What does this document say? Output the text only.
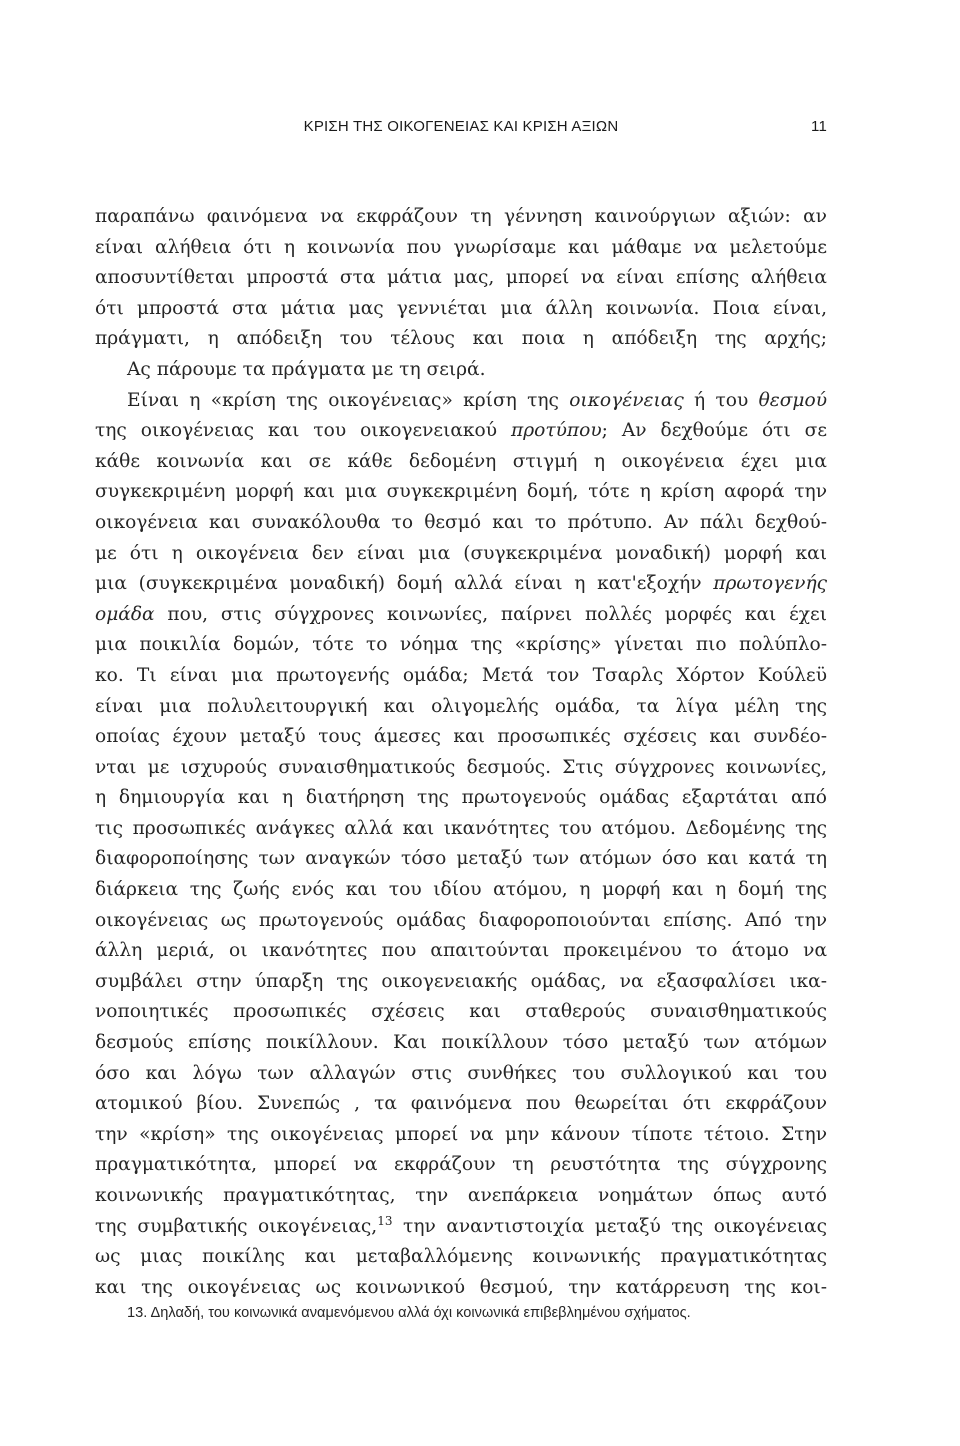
ΚΡΙΣΗ ΤΗΣ ΟΙΚΟΓΕΝΕΙΑΣ ΚΑΙ ΚΡΙΣΗ ΑΞΙΩΝ	11
παραπάνω φαινόμενα να εκφράζουν τη γέννηση καινούργιων αξιών: αν
είναι αλήθεια ότι η κοινωνία που γνωρίσαμε και μάθαμε να μελετούμε
αποσυντίθεται μπροστά στα μάτια μας, μπορεί να είναι επίσης αλήθεια
ότι μπροστά στα μάτια μας γεννιέται μια άλλη κοινωνία. Ποια είναι,
πράγματι, η απόδειξη του τέλους και ποια η απόδειξη της αρχής;
Ας πάρουμε τα πράγματα με τη σειρά.
Είναι η «κρίση της οικογένειας» κρίση της οικογένειας ή του θεσμού
της οικογένειας και του οικογενειακού προτύπου; Αν δεχθούμε ότι σε
κάθε κοινωνία και σε κάθε δεδομένη στιγμή η οικογένεια έχει μια
συγκεκριμένη μορφή και μια συγκεκριμένη δομή, τότε η κρίση αφορά την
οικογένεια και συνακόλουθα το θεσμό και το πρότυπο. Αν πάλι δεχθού-
με ότι η οικογένεια δεν είναι μια (συγκεκριμένα μοναδική) μορφή και
μια (συγκεκριμένα μοναδική) δομή αλλά είναι η κατ'εξοχήν πρωτογενής
ομάδα που, στις σύγχρονες κοινωνίες, παίρνει πολλές μορφές και έχει
μια ποικιλία δομών, τότε το νόημα της «κρίσης» γίνεται πιο πολύπλο-
κο. Τι είναι μια πρωτογενής ομάδα; Μετά τον Τσαρλς Χόρτον Κούλεϋ
είναι μια πολυλειτουργική και ολιγομελής ομάδα, τα λίγα μέλη της
οποίας έχουν μεταξύ τους άμεσες και προσωπικές σχέσεις και συνδέο-
νται με ισχυρούς συναισθηματικούς δεσμούς. Στις σύγχρονες κοινωνίες,
η δημιουργία και η διατήρηση της πρωτογενούς ομάδας εξαρτάται από
τις προσωπικές ανάγκες αλλά και ικανότητες του ατόμου. Δεδομένης της
διαφοροποίησης των αναγκών τόσο μεταξύ των ατόμων όσο και κατά τη
διάρκεια της ζωής ενός και του ιδίου ατόμου, η μορφή και η δομή της
οικογένειας ως πρωτογενούς ομάδας διαφοροποιούνται επίσης. Από την
άλλη μεριά, οι ικανότητες που απαιτούνται προκειμένου το άτομο να
συμβάλει στην ύπαρξη της οικογενειακής ομάδας, να εξασφαλίσει ικα-
νοποιητικές προσωπικές σχέσεις και σταθερούς συναισθηματικούς
δεσμούς επίσης ποικίλλουν. Και ποικίλλουν τόσο μεταξύ των ατόμων
όσο και λόγω των αλλαγών στις συνθήκες του συλλογικού και του
ατομικού βίου. Συνεπώς , τα φαινόμενα που θεωρείται ότι εκφράζουν
την «κρίση» της οικογένειας μπορεί να μην κάνουν τίποτε τέτοιο. Στην
πραγματικότητα, μπορεί να εκφράζουν τη ρευστότητα της σύγχρονης
κοινωνικής πραγματικότητας, την ανεπάρκεια νοημάτων όπως αυτό
της συμβατικής οικογένειας,$^{13}$ την αναντιστοιχία μεταξύ της οικογένειας
ως μιας ποικίλης και μεταβαλλόμενης κοινωνικής πραγματικότητας
και της οικογένειας ως κοινωνικού θεσμού, την κατάρρευση της κοι-
13. Δηλαδή, του κοινωνικά αναμενόμενου αλλά όχι κοινωνικά επιβεβλημένου σχήματος.
